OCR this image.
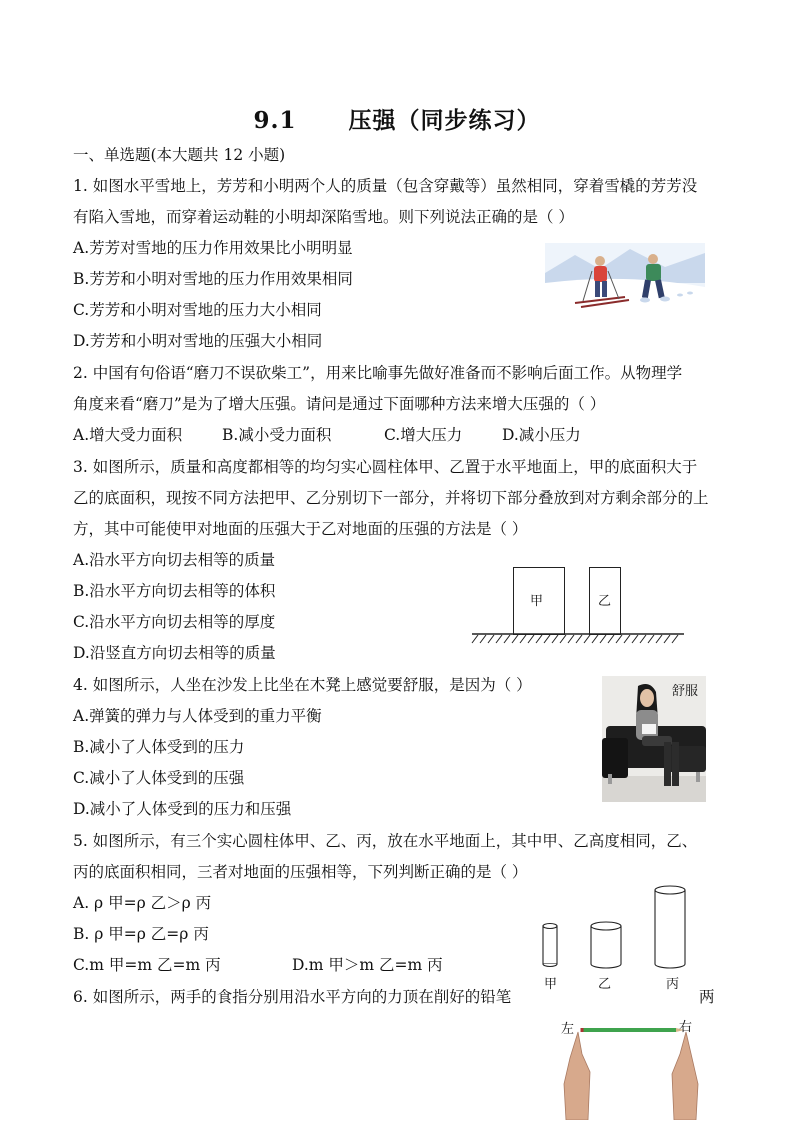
9.1 压强（同步练习）
一、单选题(本大题共 12 小题)
1. 如图水平雪地上，芳芳和小明两个人的质量（包含穿戴等）虽然相同，穿着雪橇的芳芳没
有陷入雪地，而穿着运动鞋的小明却深陷雪地。则下列说法正确的是（ ）
A.芳芳对雪地的压力作用效果比小明明显
B.芳芳和小明对雪地的压力作用效果相同
C.芳芳和小明对雪地的压力大小相同
D.芳芳和小明对雪地的压强大小相同
2. 中国有句俗语“磨刀不误砍柴工”，用来比喻事先做好准备而不影响后面工作。从物理学
角度来看“磨刀”是为了增大压强。请问是通过下面哪种方法来增大压强的（ ）
A.增大受力面积	B.减小受力面积	C.增大压力	D.减小压力
3. 如图所示，质量和高度都相等的均匀实心圆柱体甲、乙置于水平地面上，甲的底面积大于
乙的底面积，现按不同方法把甲、乙分别切下一部分，并将切下部分叠放到对方剩余部分的上
方，其中可能使甲对地面的压强大于乙对地面的压强的方法是（ ）
A.沿水平方向切去相等的质量
B.沿水平方向切去相等的体积
C.沿水平方向切去相等的厚度
D.沿竖直方向切去相等的质量
甲	乙
4. 如图所示，人坐在沙发上比坐在木凳上感觉要舒服，是因为（ ）
A.弹簧的弹力与人体受到的重力平衡
B.减小了人体受到的压力
C.减小了人体受到的压强
D.减小了人体受到的压力和压强
舒服
5. 如图所示，有三个实心圆柱体甲、乙、丙，放在水平地面上，其中甲、乙高度相同，乙、
丙的底面积相同，三者对地面的压强相等，下列判断正确的是（ ）
A. ρ 甲=ρ 乙＞ρ 丙
B. ρ 甲=ρ 乙=ρ 丙
C.m 甲=m 乙=m 丙	D.m 甲＞m 乙=m 丙
甲	乙	丙
6. 如图所示，两手的食指分别用沿水平方向的力顶在削好的铅笔	两
左	右
